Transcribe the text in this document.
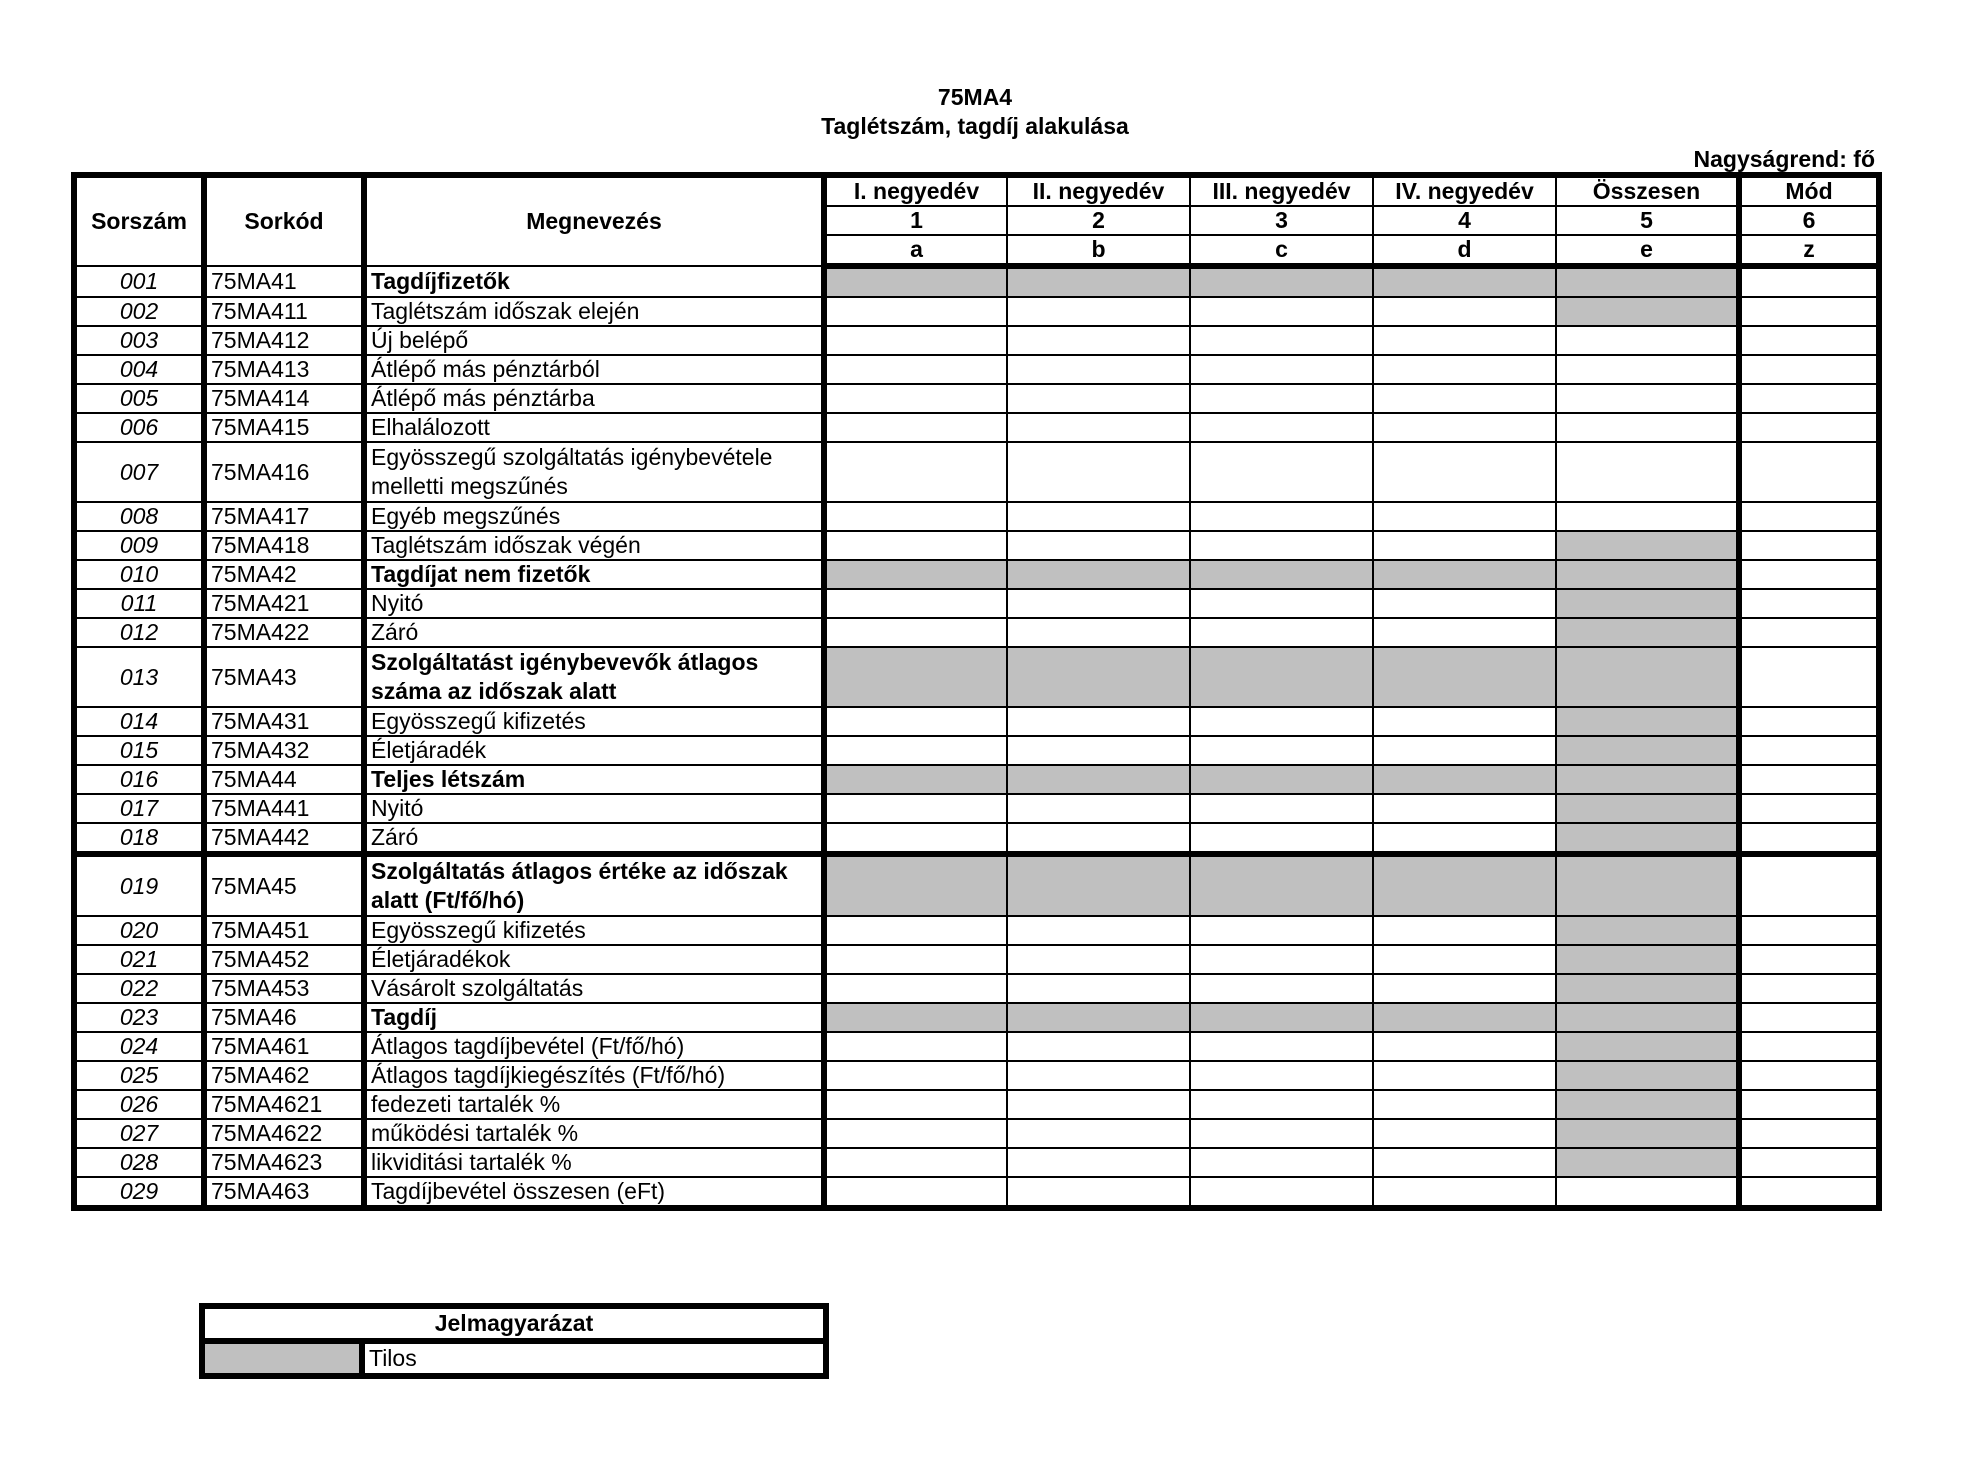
75MA4
Taglétszám, tagdíj alakulása
Nagyságrend: fő
Sorszám	Sorkód	Megnevezés	I. negyedév	II. negyedév	III. negyedév	IV. negyedév	Összesen	Mód
			1	2	3	4	5	6
			a	b	c	d	e	z
001	75MA41	Tagdíjfizetők						
002	75MA411	Taglétszám időszak elején						
003	75MA412	Új belépő						
004	75MA413	Átlépő más pénztárból						
005	75MA414	Átlépő más pénztárba						
006	75MA415	Elhalálozott						
007	75MA416	Egyösszegű szolgáltatás igénybevétele melletti megszűnés						
008	75MA417	Egyéb megszűnés						
009	75MA418	Taglétszám időszak végén						
010	75MA42	Tagdíjat nem fizetők						
011	75MA421	Nyitó						
012	75MA422	Záró						
013	75MA43	Szolgáltatást igénybevevők átlagos száma az időszak alatt						
014	75MA431	Egyösszegű kifizetés						
015	75MA432	Életjáradék						
016	75MA44	Teljes létszám						
017	75MA441	Nyitó						
018	75MA442	Záró						
019	75MA45	Szolgáltatás átlagos értéke az időszak alatt (Ft/fő/hó)						
020	75MA451	Egyösszegű kifizetés						
021	75MA452	Életjáradékok						
022	75MA453	Vásárolt szolgáltatás						
023	75MA46	Tagdíj						
024	75MA461	Átlagos tagdíjbevétel (Ft/fő/hó)						
025	75MA462	Átlagos tagdíjkiegészítés (Ft/fő/hó)						
026	75MA4621	fedezeti tartalék %						
027	75MA4622	működési tartalék %						
028	75MA4623	likviditási tartalék %						
029	75MA463	Tagdíjbevétel összesen (eFt)						
Jelmagyarázat
	Tilos
